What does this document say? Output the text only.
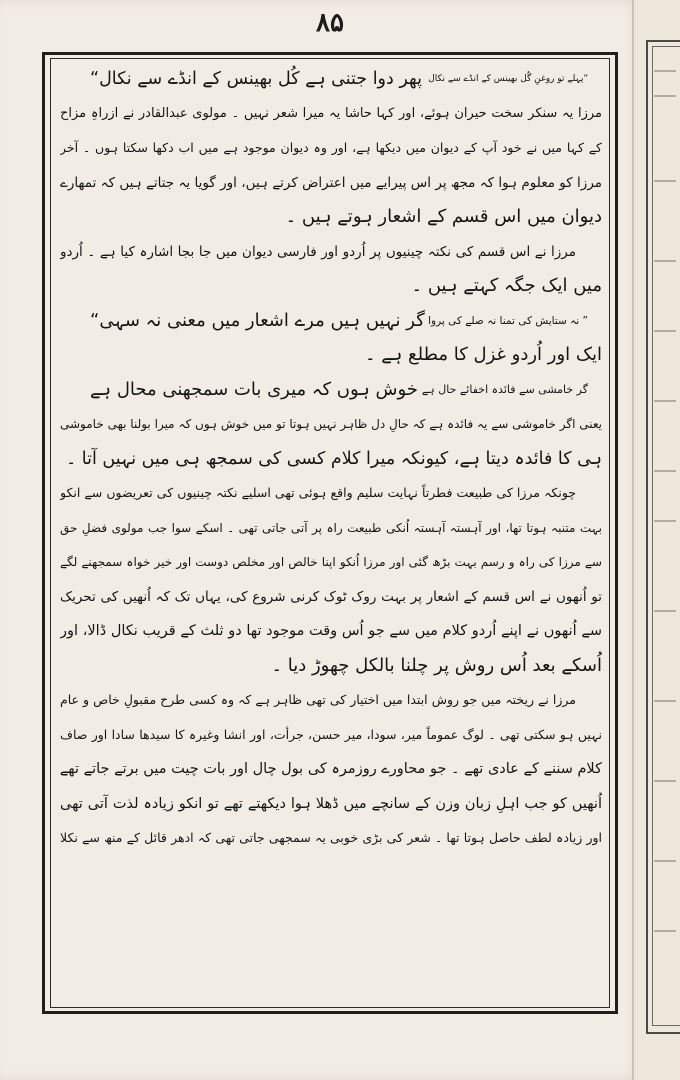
۸۵
”پہلے تو روغنِ گُل بھینس کے انڈے سے نکال
پھر دوا جتنی ہے کُل بھینس کے انڈے سے نکال“
مرزا یہ سنکر سخت حیران ہوئے، اور کہا حاشا یہ میرا شعر نہیں ۔ مولوی عبدالقادر نے ازراہِ مزاح
کے کہا میں نے خود آپ کے دیوان میں دیکھا ہے، اور وہ دیوان موجود ہے میں اب دکھا سکتا ہوں ۔ آخر
مرزا کو معلوم ہوا کہ مجھ پر اس پیرایے میں اعتراض کرتے ہیں، اور گویا یہ جتاتے ہیں کہ تمھارے
دیوان میں اس قسم کے اشعار ہوتے ہیں ۔
مرزا نے اس قسم کی نکتہ چینیوں پر اُردو اور فارسی دیوان میں جا بجا اشارہ کیا ہے ۔ اُردو
میں ایک جگہ کہتے ہیں ۔
” نہ ستایش کی تمنا نہ صلے کی پروا
گر نہیں ہیں مرے اشعار میں معنی نہ سہی“
ایک اور اُردو غزل کا مطلع ہے ۔
گر خامشی سے فائدہ اخفائے حال ہے
خوش ہوں کہ میری بات سمجھنی محال ہے
یعنی اگر خاموشی سے یہ فائدہ ہے کہ حالِ دل ظاہر نہیں ہوتا تو میں خوش ہوں کہ میرا بولنا بھی خاموشی
ہی کا فائدہ دیتا ہے، کیونکہ میرا کلام کسی کی سمجھ ہی میں نہیں آتا ۔
چونکہ مرزا کی طبیعت فطرتاً نہایت سلیم واقع ہوئی تھی اسلیے نکتہ چینیوں کی تعریضوں سے انکو
بہت متنبہ ہوتا تھا، اور آہستہ آہستہ اُنکی طبیعت راہ پر آتی جاتی تھی ۔ اسکے سوا جب مولوی فضلِ حق
سے مرزا کی راہ و رسم بہت بڑھ گئی اور مرزا اُنکو اپنا خالص اور مخلص دوست اور خیر خواہ سمجھنے لگے
تو اُنھوں نے اس قسم کے اشعار پر بہت روک ٹوک کرنی شروع کی، یہاں تک کہ اُنھیں کی تحریک
سے اُنھوں نے اپنے اُردو کلام میں سے جو اُس وقت موجود تھا دو ثلث کے قریب نکال ڈالا، اور
اُسکے بعد اُس روش پر چلنا بالکل چھوڑ دیا ۔
مرزا نے ریختہ میں جو روش ابتدا میں اختیار کی تھی ظاہر ہے کہ وہ کسی طرح مقبولِ خاص و عام
نہیں ہو سکتی تھی ۔ لوگ عموماً میر، سودا، میر حسن، جرأت، اور انشا وغیرہ کا سیدھا سادا اور صاف
کلام سننے کے عادی تھے ۔ جو محاورے روزمرہ کی بول چال اور بات چیت میں برتے جاتے تھے
اُنھیں کو جب اہلِ زبان وزن کے سانچے میں ڈھلا ہوا دیکھتے تھے تو انکو زیادہ لذت آتی تھی
اور زیادہ لطف حاصل ہوتا تھا ۔ شعر کی بڑی خوبی یہ سمجھی جاتی تھی کہ ادھر قائل کے منھ سے نکلا
